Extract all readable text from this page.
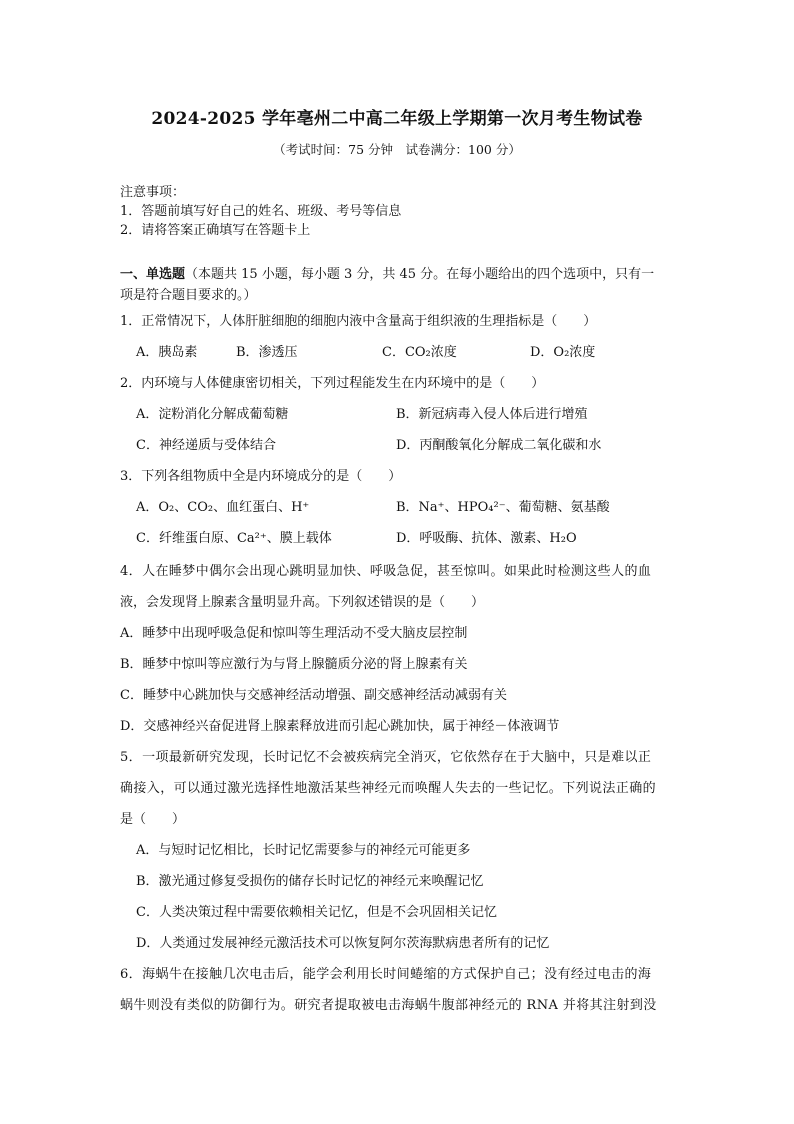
2024-2025 学年亳州二中高二年级上学期第一次月考生物试卷
（考试时间：75 分钟　试卷满分：100 分）
注意事项：
1．答题前填写好自己的姓名、班级、考号等信息
2．请将答案正确填写在答题卡上
一、单选题（本题共 15 小题，每小题 3 分，共 45 分。在每小题给出的四个选项中，只有一
项是符合题目要求的。）
1．正常情况下，人体肝脏细胞的细胞内液中含量高于组织液的生理指标是（　　）
A．胰岛素	B．渗透压	C．CO₂浓度	D．O₂浓度
2．内环境与人体健康密切相关，下列过程能发生在内环境中的是（　　）
A．淀粉消化分解成葡萄糖	B．新冠病毒入侵人体后进行增殖
C．神经递质与受体结合	D．丙酮酸氧化分解成二氧化碳和水
3．下列各组物质中全是内环境成分的是（　　）
A．O₂、CO₂、血红蛋白、H⁺	B．Na⁺、HPO₄²⁻、葡萄糖、氨基酸
C．纤维蛋白原、Ca²⁺、膜上载体	D．呼吸酶、抗体、激素、H₂O
4．人在睡梦中偶尔会出现心跳明显加快、呼吸急促，甚至惊叫。如果此时检测这些人的血
液，会发现肾上腺素含量明显升高。下列叙述错误的是（　　）
A．睡梦中出现呼吸急促和惊叫等生理活动不受大脑皮层控制
B．睡梦中惊叫等应激行为与肾上腺髓质分泌的肾上腺素有关
C．睡梦中心跳加快与交感神经活动增强、副交感神经活动减弱有关
D．交感神经兴奋促进肾上腺素释放进而引起心跳加快，属于神经－体液调节
5．一项最新研究发现，长时记忆不会被疾病完全消灭，它依然存在于大脑中，只是难以正
确接入，可以通过激光选择性地激活某些神经元而唤醒人失去的一些记忆。下列说法正确的
是（　　）
A．与短时记忆相比，长时记忆需要参与的神经元可能更多
B．激光通过修复受损伤的储存长时记忆的神经元来唤醒记忆
C．人类决策过程中需要依赖相关记忆，但是不会巩固相关记忆
D．人类通过发展神经元激活技术可以恢复阿尔茨海默病患者所有的记忆
6．海蜗牛在接触几次电击后，能学会利用长时间蜷缩的方式保护自己；没有经过电击的海
蜗牛则没有类似的防御行为。研究者提取被电击海蜗牛腹部神经元的 RNA 并将其注射到没
